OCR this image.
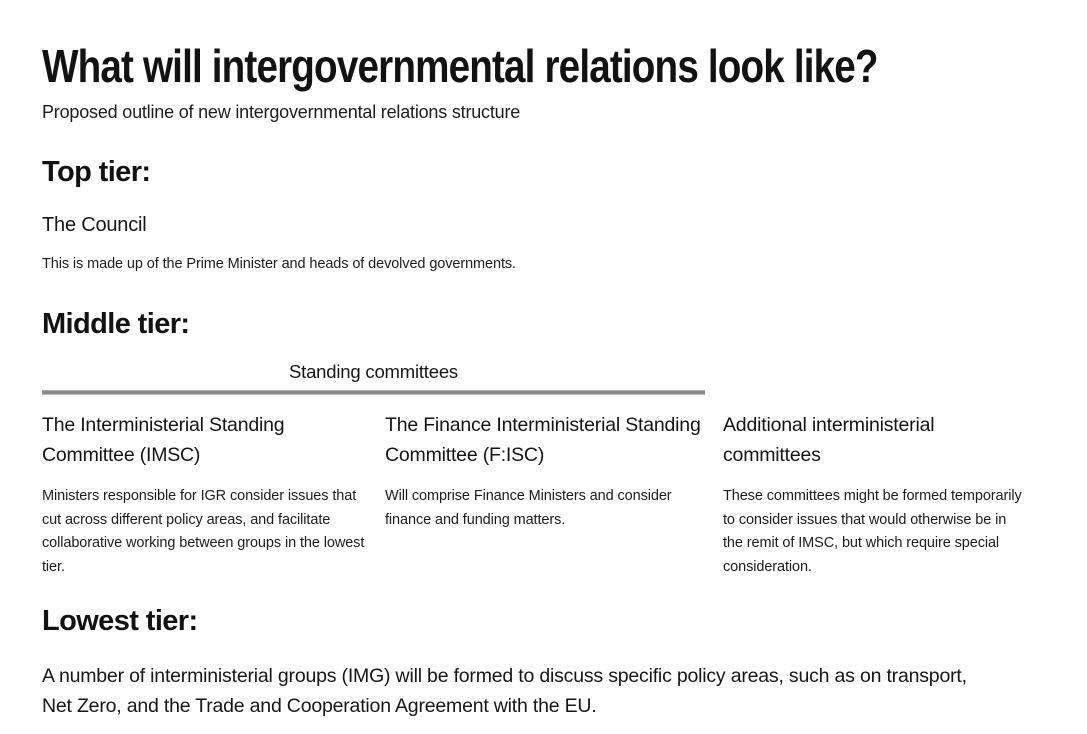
What will intergovernmental relations look like?

Proposed outline of new intergovernmental relations structure

Top tier:

The Council

This is made up of the Prime Minister and heads of devolved governments.

Middle tier:
Standing committees
The Interministerial Standing Committee (IMSC)

Ministers responsible for IGR consider issues that cut across different policy areas, and facilitate collaborative working between groups in the lowest tier.

The Finance Interministerial Standing Committee (F:ISC)

Will comprise Finance Ministers and consider finance and funding matters.

Additional interministerial committees

These committees might be formed temporarily to consider issues that would otherwise be in the remit of IMSC, but which require special consideration.

Lowest tier:

A number of interministerial groups (IMG) will be formed to discuss specific policy areas, such as on transport, Net Zero, and the Trade and Cooperation Agreement with the EU.
